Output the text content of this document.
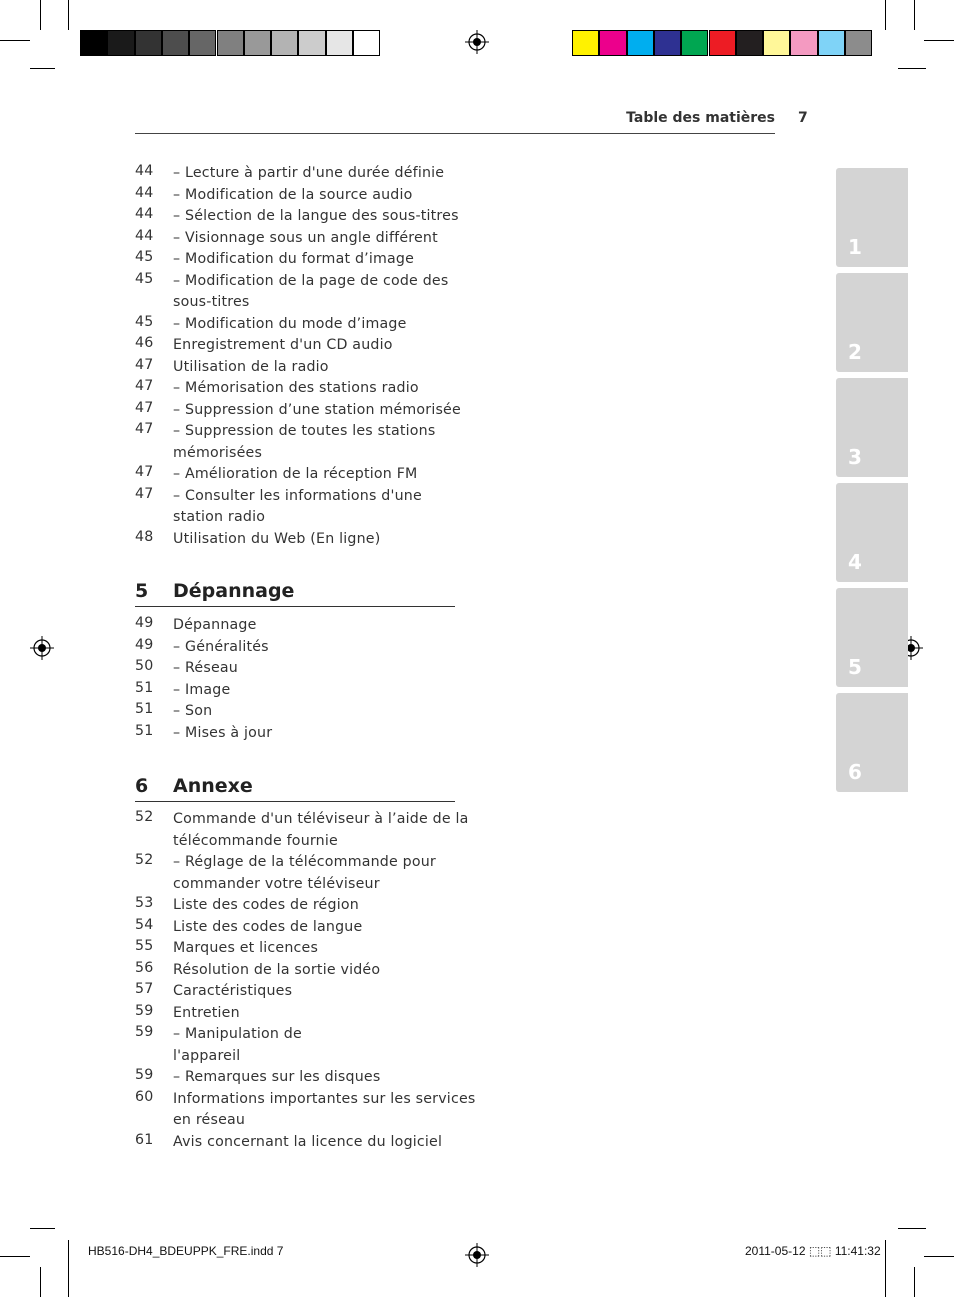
Table des matières 7
44	– Lecture à partir d'une durée définie
44	– Modification de la source audio
44	– Sélection de la langue des sous-titres
44	– Visionnage sous un angle différent
45	– Modification du format d’image
45	– Modification de la page de code des
sous-titres
45	– Modification du mode d’image
46	Enregistrement d'un CD audio
47	Utilisation de la radio
47	– Mémorisation des stations radio
47	– Suppression d’une station mémorisée
47	– Suppression de toutes les stations
mémorisées
47	– Amélioration de la réception FM
47	– Consulter les informations d'une
station radio
48	Utilisation du Web (En ligne)
5 Dépannage
49	Dépannage
49	– Généralités
50	– Réseau
51	– Image
51	– Son
51	– Mises à jour
6 Annexe
52	Commande d'un téléviseur à l’aide de la
télécommande fournie
52	– Réglage de la télécommande pour
commander votre téléviseur
53	Liste des codes de région
54	Liste des codes de langue
55	Marques et licences
56	Résolution de la sortie vidéo
57	Caractéristiques
59	Entretien
59	– Manipulation de
l'appareil
59	– Remarques sur les disques
60	Informations importantes sur les services
en réseau
61	Avis concernant la licence du logiciel
1
2
3
4
5
6
HB516-DH4_BDEUPPK_FRE.indd 7	2011-05-12 ⬚⬚ 11:41:32
